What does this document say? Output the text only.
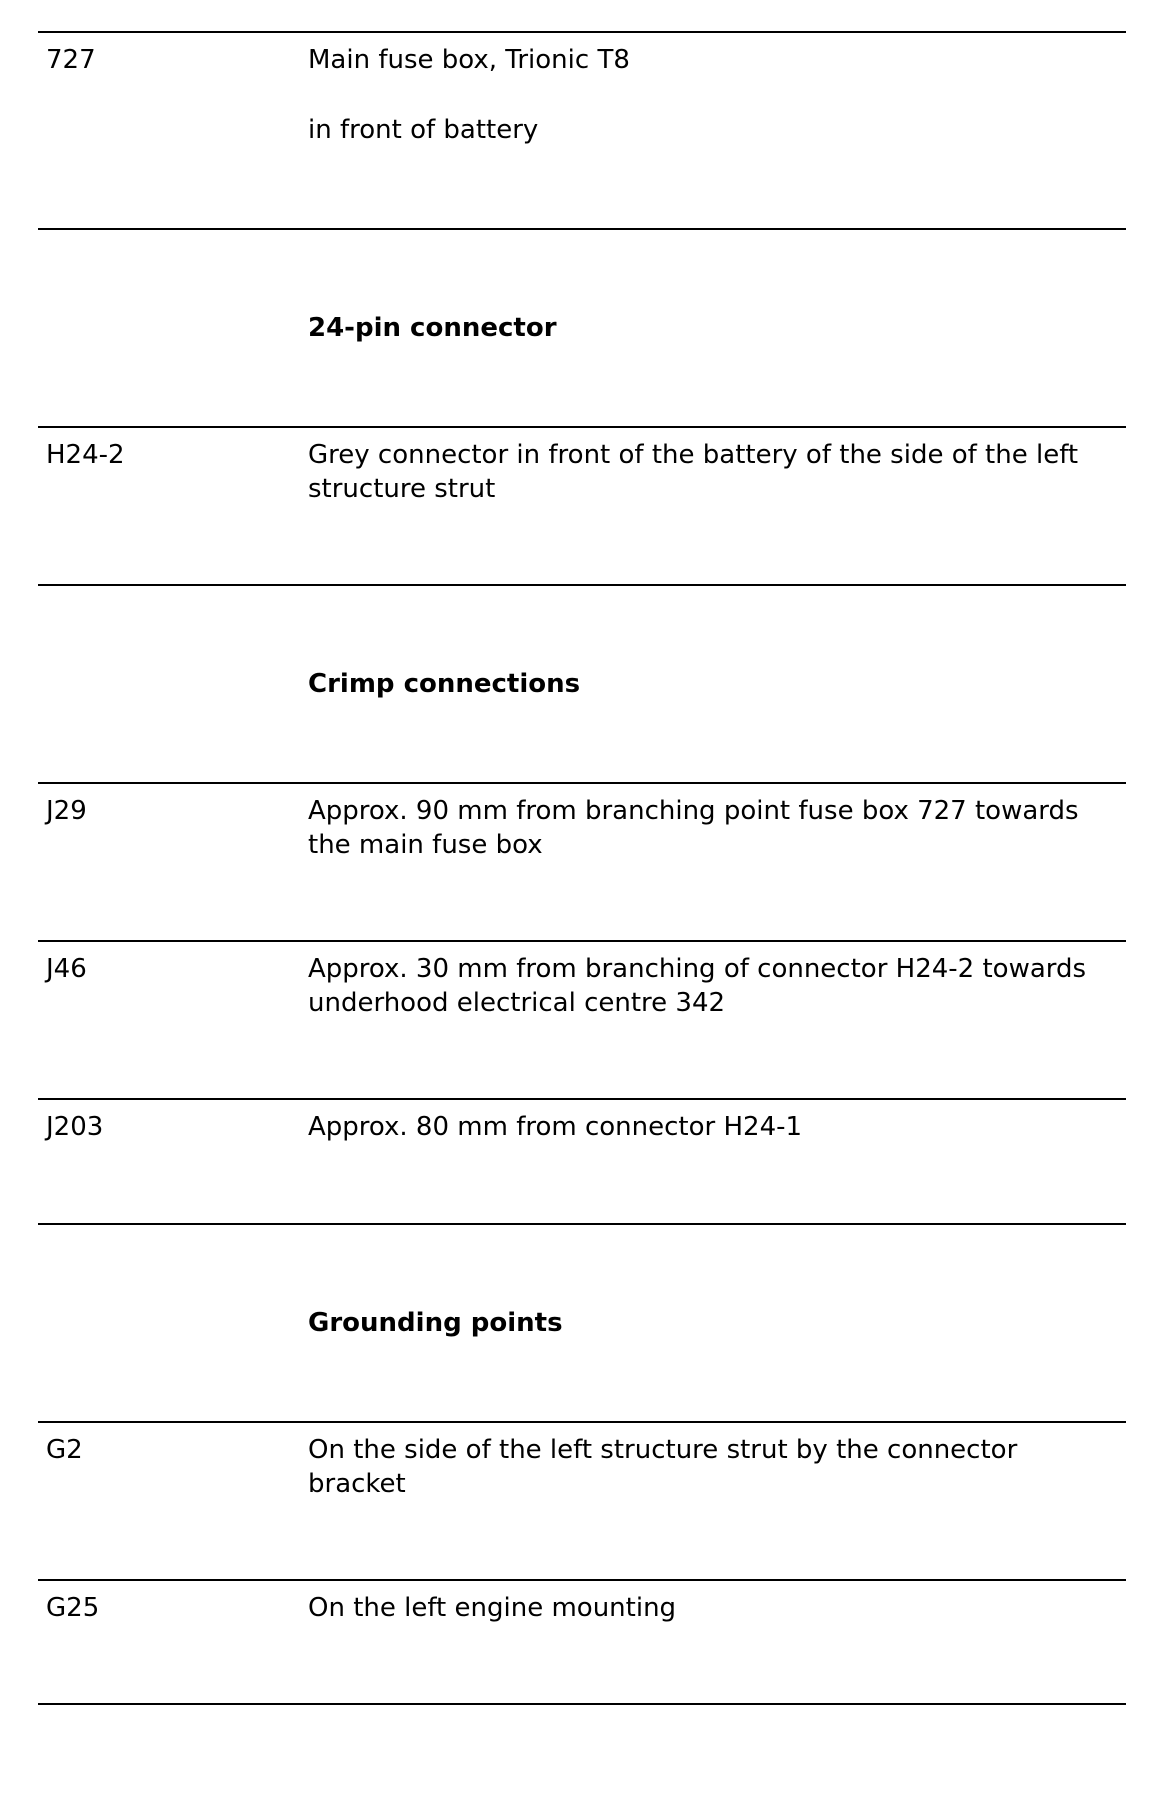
727	Main fuse box, Trionic T8

in front of battery

24-pin connector
H24-2	Grey connector in front of the battery of the side of the left structure strut
Crimp connections
J29	Approx. 90 mm from branching point fuse box 727 towards the main fuse box
J46	Approx. 30 mm from branching of connector H24-2 towards underhood electrical centre 342
J203	Approx. 80 mm from connector H24-1
Grounding points
G2	On the side of the left structure strut by the connector bracket
G25	On the left engine mounting
